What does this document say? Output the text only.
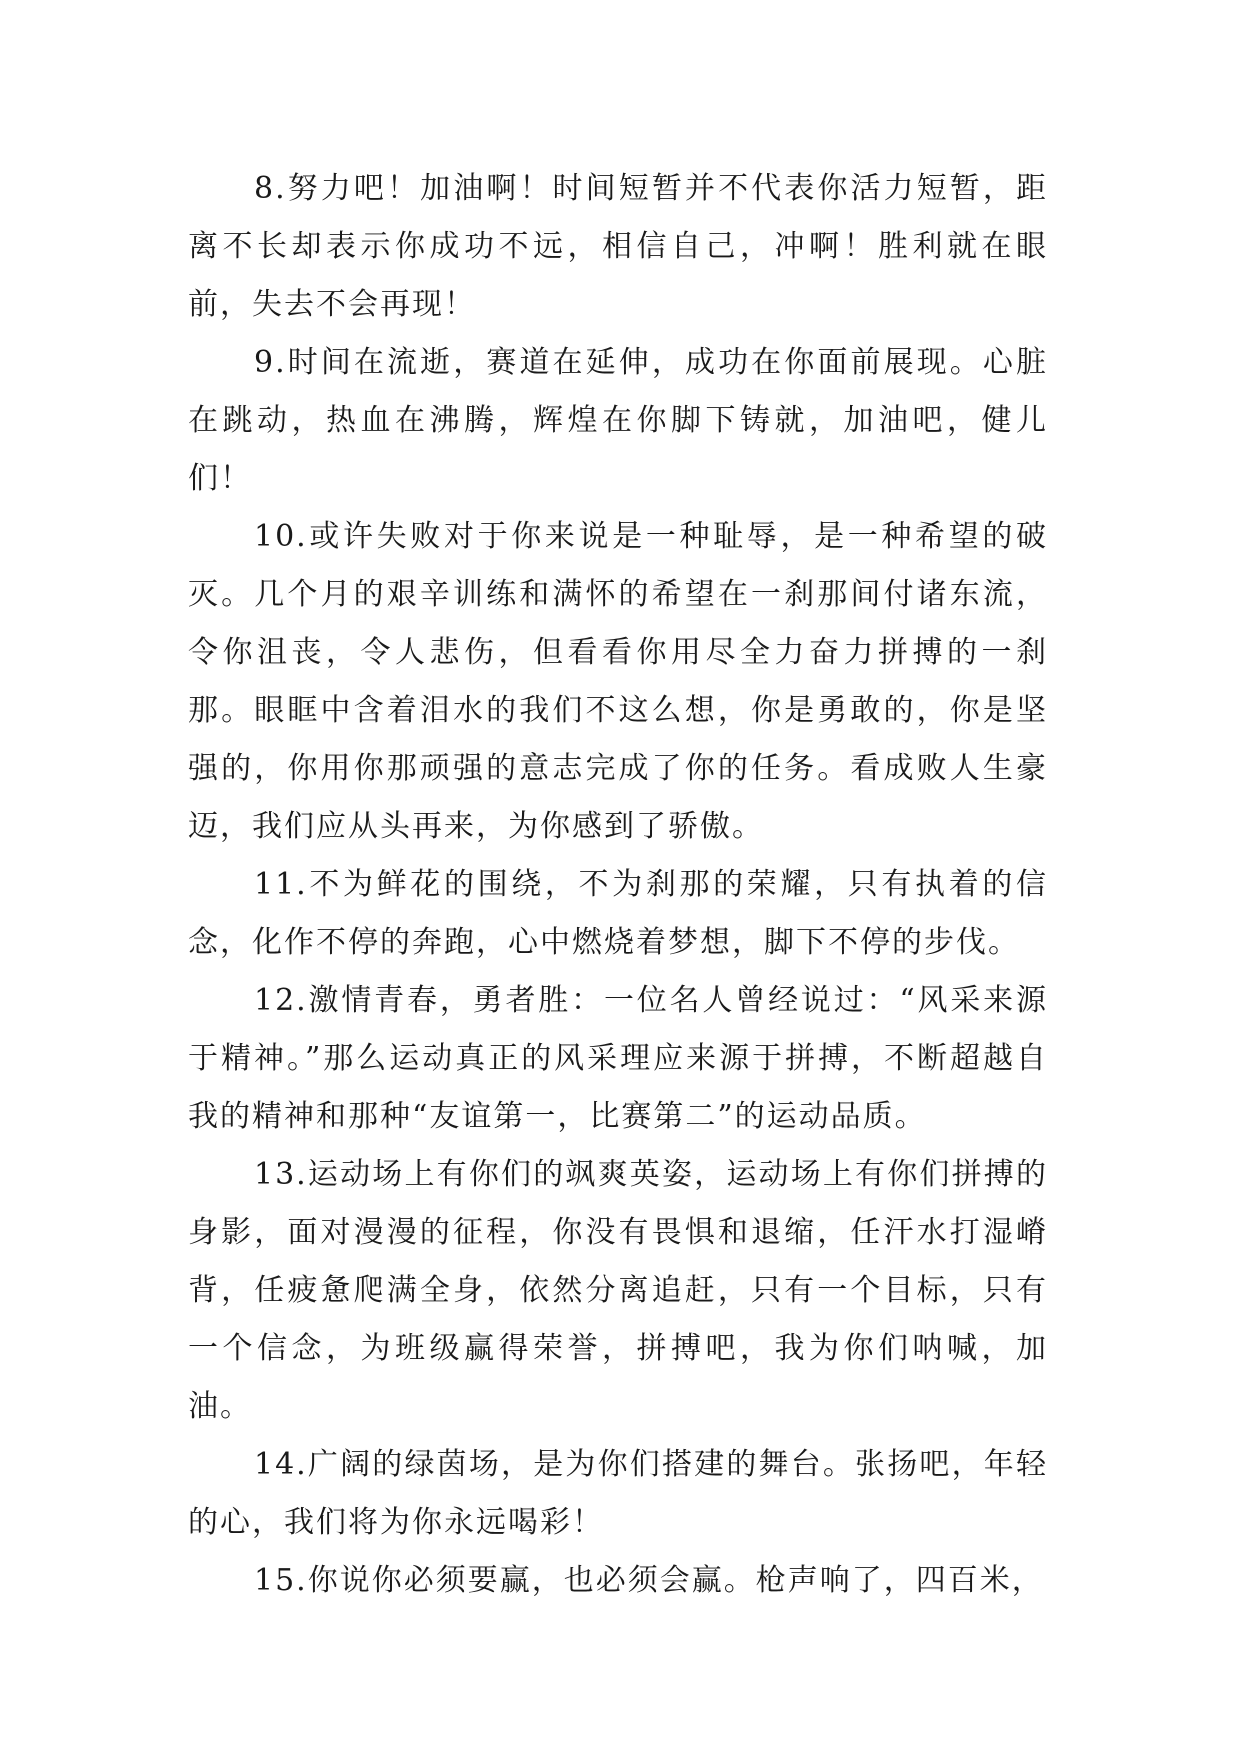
8.努力吧！加油啊！时间短暂并不代表你活力短暂，距离不长却表示你成功不远，相信自己，冲啊！胜利就在眼前，失去不会再现！

9.时间在流逝，赛道在延伸，成功在你面前展现。心脏在跳动，热血在沸腾，辉煌在你脚下铸就，加油吧，健儿们！

10.或许失败对于你来说是一种耻辱，是一种希望的破灭。几个月的艰辛训练和满怀的希望在一刹那间付诸东流，令你沮丧，令人悲伤，但看看你用尽全力奋力拼搏的一刹那。眼眶中含着泪水的我们不这么想，你是勇敢的，你是坚强的，你用你那顽强的意志完成了你的任务。看成败人生豪迈，我们应从头再来，为你感到了骄傲。

11.不为鲜花的围绕，不为刹那的荣耀，只有执着的信念，化作不停的奔跑，心中燃烧着梦想，脚下不停的步伐。

12.激情青春，勇者胜：一位名人曾经说过：“风采来源于精神。”那么运动真正的风采理应来源于拼搏，不断超越自我的精神和那种“友谊第一，比赛第二”的运动品质。

13.运动场上有你们的飒爽英姿，运动场上有你们拼搏的身影，面对漫漫的征程，你没有畏惧和退缩，任汗水打湿嵴背，任疲惫爬满全身，依然分离追赶，只有一个目标，只有一个信念，为班级赢得荣誉，拼搏吧，我为你们呐喊，加油。

14.广阔的绿茵场，是为你们搭建的舞台。张扬吧，年轻的心，我们将为你永远喝彩！

15.你说你必须要赢，也必须会赢。枪声响了，四百米，
